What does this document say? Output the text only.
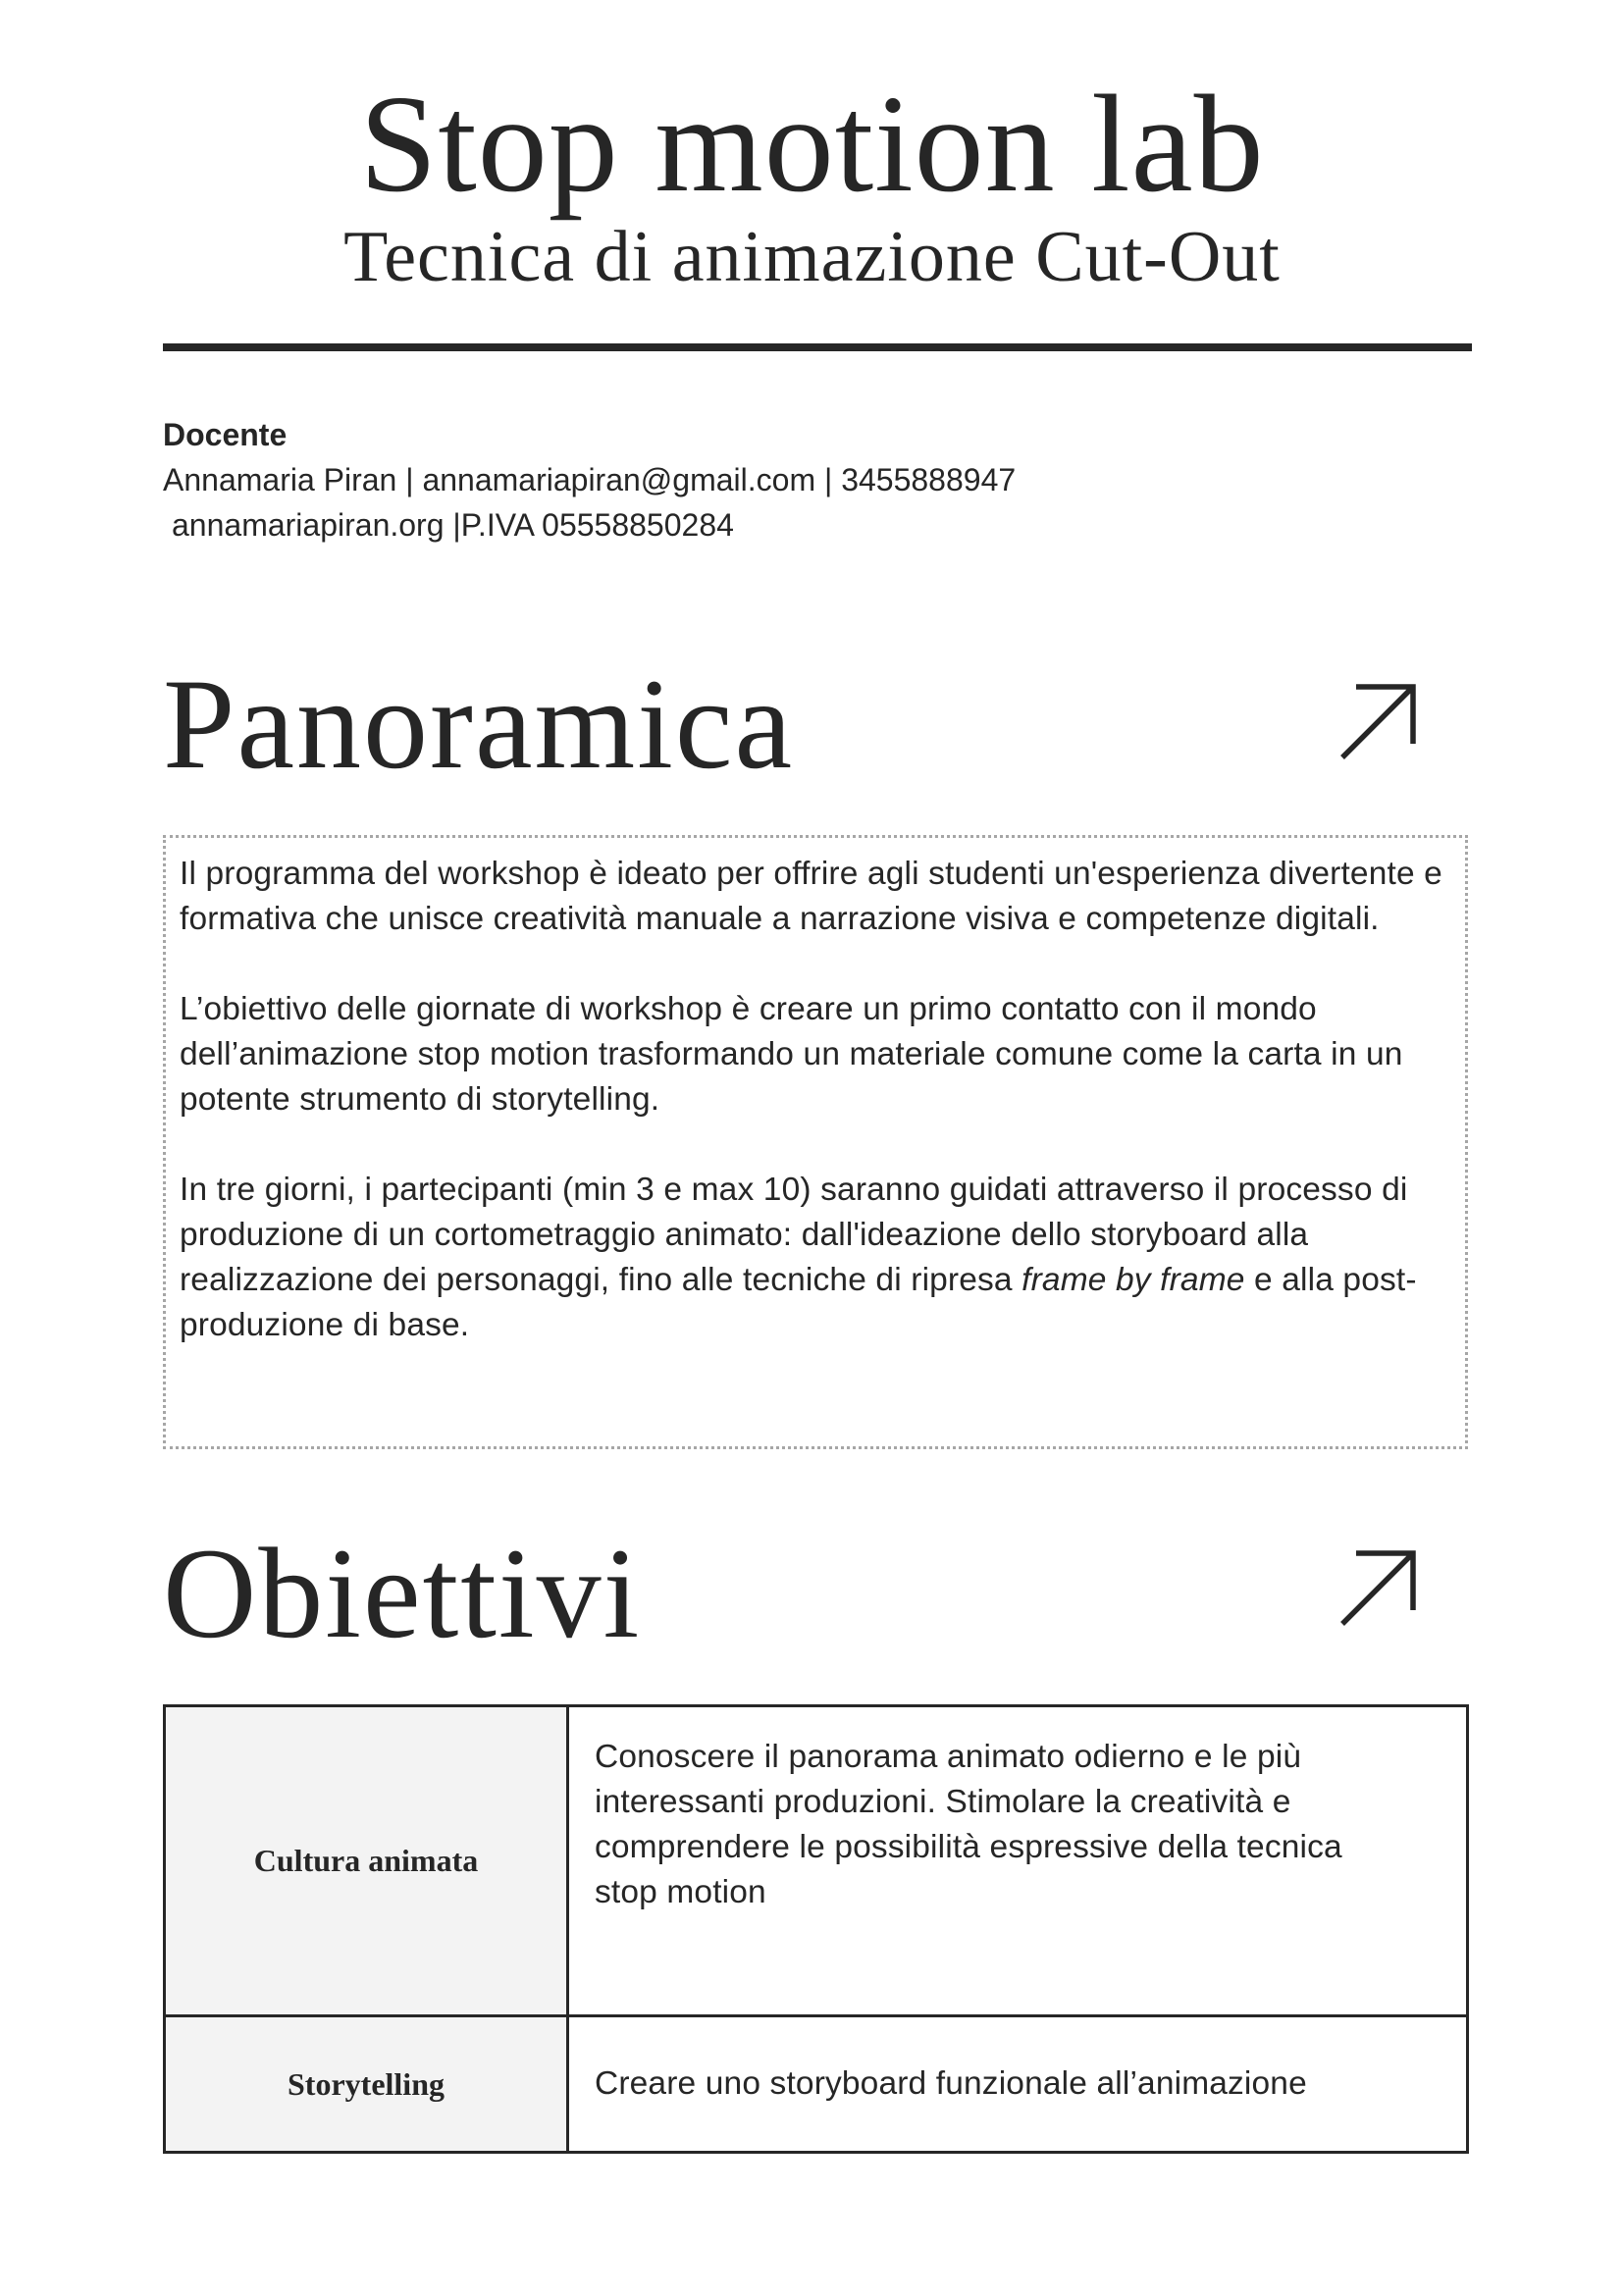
Stop motion lab
Tecnica di animazione Cut-Out
Docente
Annamaria Piran | annamariapiran@gmail.com | 3455888947
annamariapiran.org |P.IVA 05558850284
Panoramica

Il programma del workshop è ideato per offrire agli studenti un'esperienza divertente e formativa che unisce creatività manuale a narrazione visiva e competenze digitali.

L’obiettivo delle giornate di workshop è creare un primo contatto con il mondo dell’animazione stop motion trasformando un materiale comune come la carta in un potente strumento di storytelling.

In tre giorni, i partecipanti (min 3 e max 10) saranno guidati attraverso il processo di produzione di un cortometraggio animato: dall'ideazione dello storyboard alla realizzazione dei personaggi, fino alle tecniche di ripresa frame by frame e alla post-produzione di base.

Obiettivi
Cultura animata	Conoscere il panorama animato odierno e le più interessanti produzioni. Stimolare la creatività e comprendere le possibilità espressive della tecnica stop motion
Storytelling	Creare uno storyboard funzionale all’animazione
